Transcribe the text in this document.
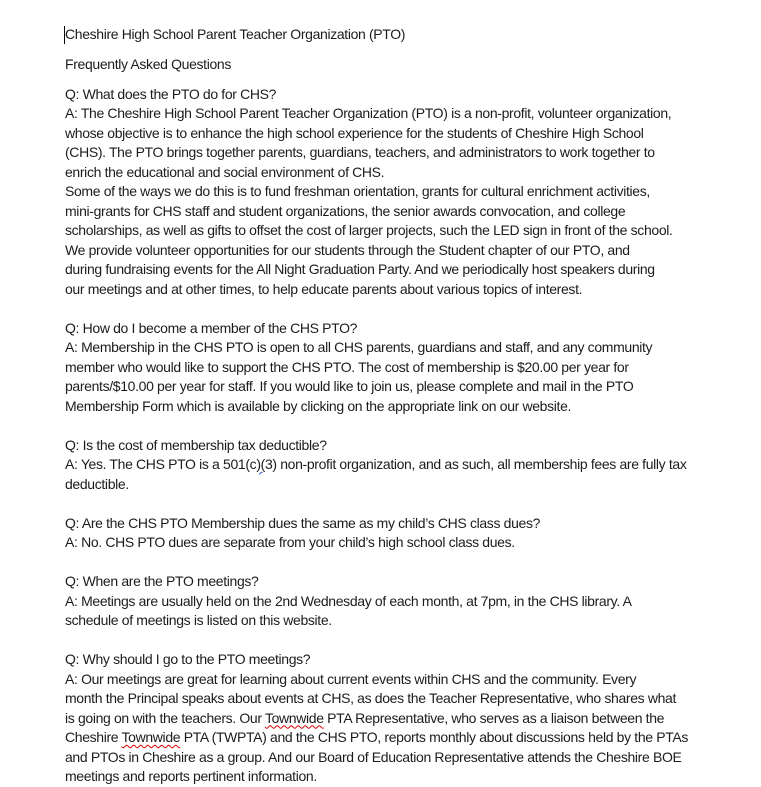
Cheshire High School Parent Teacher Organization (PTO)
Frequently Asked Questions
Q: What does the PTO do for CHS?
A: The Cheshire High School Parent Teacher Organization (PTO) is a non-profit, volunteer organization,
whose objective is to enhance the high school experience for the students of Cheshire High School
(CHS). The PTO brings together parents, guardians, teachers, and administrators to work together to
enrich the educational and social environment of CHS.
Some of the ways we do this is to fund freshman orientation, grants for cultural enrichment activities,
mini-grants for CHS staff and student organizations, the senior awards convocation, and college
scholarships, as well as gifts to offset the cost of larger projects, such the LED sign in front of the school.
We provide volunteer opportunities for our students through the Student chapter of our PTO, and
during fundraising events for the All Night Graduation Party. And we periodically host speakers during
our meetings and at other times, to help educate parents about various topics of interest.
Q: How do I become a member of the CHS PTO?
A: Membership in the CHS PTO is open to all CHS parents, guardians and staff, and any community
member who would like to support the CHS PTO. The cost of membership is $20.00 per year for
parents/$10.00 per year for staff. If you would like to join us, please complete and mail in the PTO
Membership Form which is available by clicking on the appropriate link on our website.
Q: Is the cost of membership tax deductible?
A: Yes. The CHS PTO is a 501(c)(3) non-profit organization, and as such, all membership fees are fully tax
deductible.
Q: Are the CHS PTO Membership dues the same as my child’s CHS class dues?
A: No. CHS PTO dues are separate from your child’s high school class dues.
Q: When are the PTO meetings?
A: Meetings are usually held on the 2nd Wednesday of each month, at 7pm, in the CHS library. A
schedule of meetings is listed on this website.
Q: Why should I go to the PTO meetings?
A: Our meetings are great for learning about current events within CHS and the community. Every
month the Principal speaks about events at CHS, as does the Teacher Representative, who shares what
is going on with the teachers. Our Townwide PTA Representative, who serves as a liaison between the
Cheshire Townwide PTA (TWPTA) and the CHS PTO, reports monthly about discussions held by the PTAs
and PTOs in Cheshire as a group. And our Board of Education Representative attends the Cheshire BOE
meetings and reports pertinent information.
